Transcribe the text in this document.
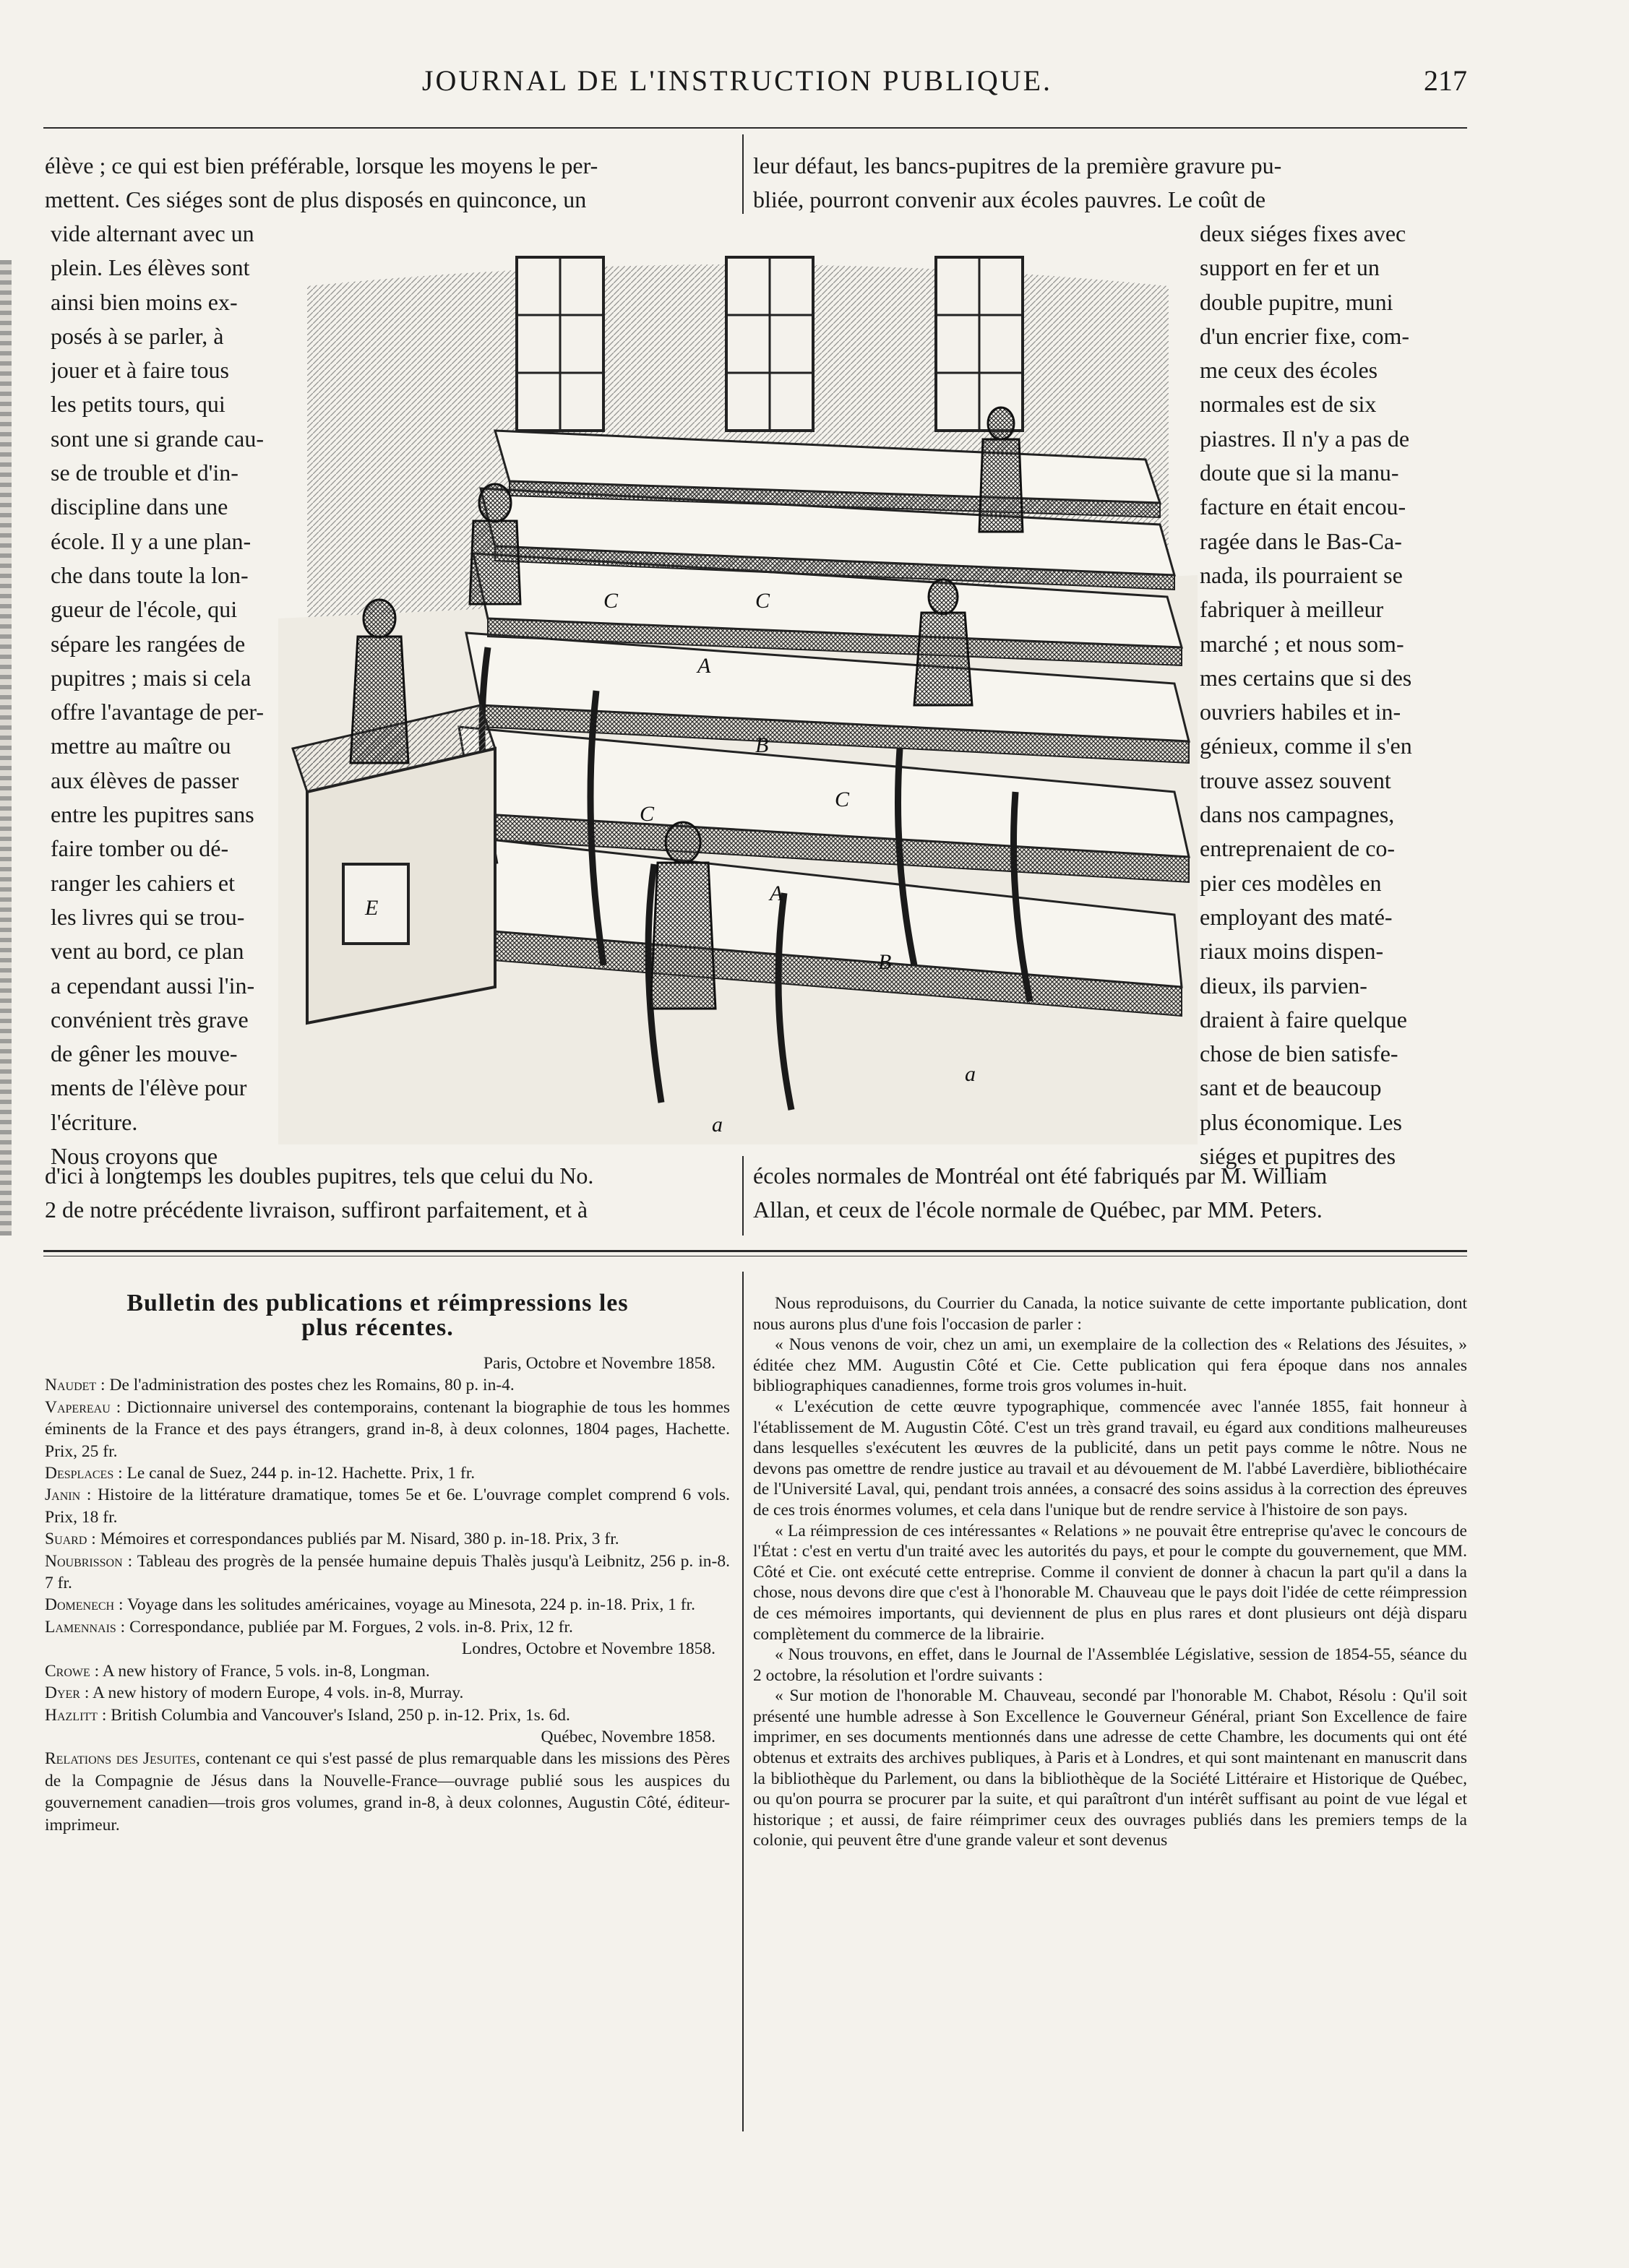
JOURNAL DE L'INSTRUCTION PUBLIQUE.	217
élève ; ce qui est bien préférable, lorsque les moyens le per-
mettent. Ces siéges sont de plus disposés en quinconce, un
leur défaut, les bancs-pupitres de la première gravure pu-
bliée, pourront convenir aux écoles pauvres. Le coût de
vide alternant avec un
plein. Les élèves sont
ainsi bien moins ex-
posés à se parler, à
jouer et à faire tous
les petits tours, qui
sont une si grande cau-
se de trouble et d'in-
discipline dans une
école. Il y a une plan-
che dans toute la lon-
gueur de l'école, qui
sépare les rangées de
pupitres ; mais si cela
offre l'avantage de per-
mettre au maître ou
aux élèves de passer
entre les pupitres sans
faire tomber ou dé-
ranger les cahiers et
les livres qui se trou-
vent au bord, ce plan
a cependant aussi l'in-
convénient très grave
de gêner les mouve-
ments de l'élève pour
l'écriture.
Nous croyons que
C	C
A
B
C
C
A
B
E
a
a
deux siéges fixes avec
support en fer et un
double pupitre, muni
d'un encrier fixe, com-
me ceux des écoles
normales est de six
piastres. Il n'y a pas de
doute que si la manu-
facture en était encou-
ragée dans le Bas-Ca-
nada, ils pourraient se
fabriquer à meilleur
marché ; et nous som-
mes certains que si des
ouvriers habiles et in-
génieux, comme il s'en
trouve assez souvent
dans nos campagnes,
entreprenaient de co-
pier ces modèles en
employant des maté-
riaux moins dispen-
dieux, ils parvien-
draient à faire quelque
chose de bien satisfe-
sant et de beaucoup
plus économique. Les
siéges et pupitres des
d'ici à longtemps les doubles pupitres, tels que celui du No.
2 de notre précédente livraison, suffiront parfaitement, et à
écoles normales de Montréal ont été fabriqués par M. William
Allan, et ceux de l'école normale de Québec, par MM. Peters.
Bulletin des publications et réimpressions les
plus récentes.
Paris, Octobre et Novembre 1858.

Naudet : De l'administration des postes chez les Romains, 80 p. in-4.

Vapereau : Dictionnaire universel des contemporains, contenant la biographie de tous les hommes éminents de la France et des pays étrangers, grand in-8, à deux colonnes, 1804 pages, Hachette. Prix, 25 fr.

Desplaces : Le canal de Suez, 244 p. in-12. Hachette. Prix, 1 fr.

Janin : Histoire de la littérature dramatique, tomes 5e et 6e. L'ouvrage complet comprend 6 vols. Prix, 18 fr.

Suard : Mémoires et correspondances publiés par M. Nisard, 380 p. in-18. Prix, 3 fr.

Noubrisson : Tableau des progrès de la pensée humaine depuis Thalès jusqu'à Leibnitz, 256 p. in-8. 7 fr.

Domenech : Voyage dans les solitudes américaines, voyage au Minesota, 224 p. in-18. Prix, 1 fr.

Lamennais : Correspondance, publiée par M. Forgues, 2 vols. in-8. Prix, 12 fr.

Londres, Octobre et Novembre 1858.

Crowe : A new history of France, 5 vols. in-8, Longman.

Dyer : A new history of modern Europe, 4 vols. in-8, Murray.

Hazlitt : British Columbia and Vancouver's Island, 250 p. in-12. Prix, 1s. 6d.

Québec, Novembre 1858.

Relations des Jesuites, contenant ce qui s'est passé de plus remarquable dans les missions des Pères de la Compagnie de Jésus dans la Nouvelle-France—ouvrage publié sous les auspices du gouvernement canadien—trois gros volumes, grand in-8, à deux colonnes, Augustin Côté, éditeur-imprimeur.

Nous reproduisons, du Courrier du Canada, la notice suivante de cette importante publication, dont nous aurons plus d'une fois l'occasion de parler :

« Nous venons de voir, chez un ami, un exemplaire de la collection des « Relations des Jésuites, » éditée chez MM. Augustin Côté et Cie. Cette publication qui fera époque dans nos annales bibliographiques canadiennes, forme trois gros volumes in-huit.

« L'exécution de cette œuvre typographique, commencée avec l'année 1855, fait honneur à l'établissement de M. Augustin Côté. C'est un très grand travail, eu égard aux conditions malheureuses dans lesquelles s'exécutent les œuvres de la publicité, dans un petit pays comme le nôtre. Nous ne devons pas omettre de rendre justice au travail et au dévouement de M. l'abbé Laverdière, bibliothécaire de l'Université Laval, qui, pendant trois années, a consacré des soins assidus à la correction des épreuves de ces trois énormes volumes, et cela dans l'unique but de rendre service à l'histoire de son pays.

« La réimpression de ces intéressantes « Relations » ne pouvait être entreprise qu'avec le concours de l'État : c'est en vertu d'un traité avec les autorités du pays, et pour le compte du gouvernement, que MM. Côté et Cie. ont exécuté cette entreprise. Comme il convient de donner à chacun la part qu'il a dans la chose, nous devons dire que c'est à l'honorable M. Chauveau que le pays doit l'idée de cette réimpression de ces mémoires importants, qui deviennent de plus en plus rares et dont plusieurs ont déjà disparu complètement du commerce de la librairie.

« Nous trouvons, en effet, dans le Journal de l'Assemblée Législative, session de 1854-55, séance du 2 octobre, la résolution et l'ordre suivants :

« Sur motion de l'honorable M. Chauveau, secondé par l'honorable M. Chabot, Résolu : Qu'il soit présenté une humble adresse à Son Excellence le Gouverneur Général, priant Son Excellence de faire imprimer, en ses documents mentionnés dans une adresse de cette Chambre, les documents qui ont été obtenus et extraits des archives publiques, à Paris et à Londres, et qui sont maintenant en manuscrit dans la bibliothèque du Parlement, ou dans la bibliothèque de la Société Littéraire et Historique de Québec, ou qu'on pourra se procurer par la suite, et qui paraîtront d'un intérêt suffisant au point de vue légal et historique ; et aussi, de faire réimprimer ceux des ouvrages publiés dans les premiers temps de la colonie, qui peuvent être d'une grande valeur et sont devenus
